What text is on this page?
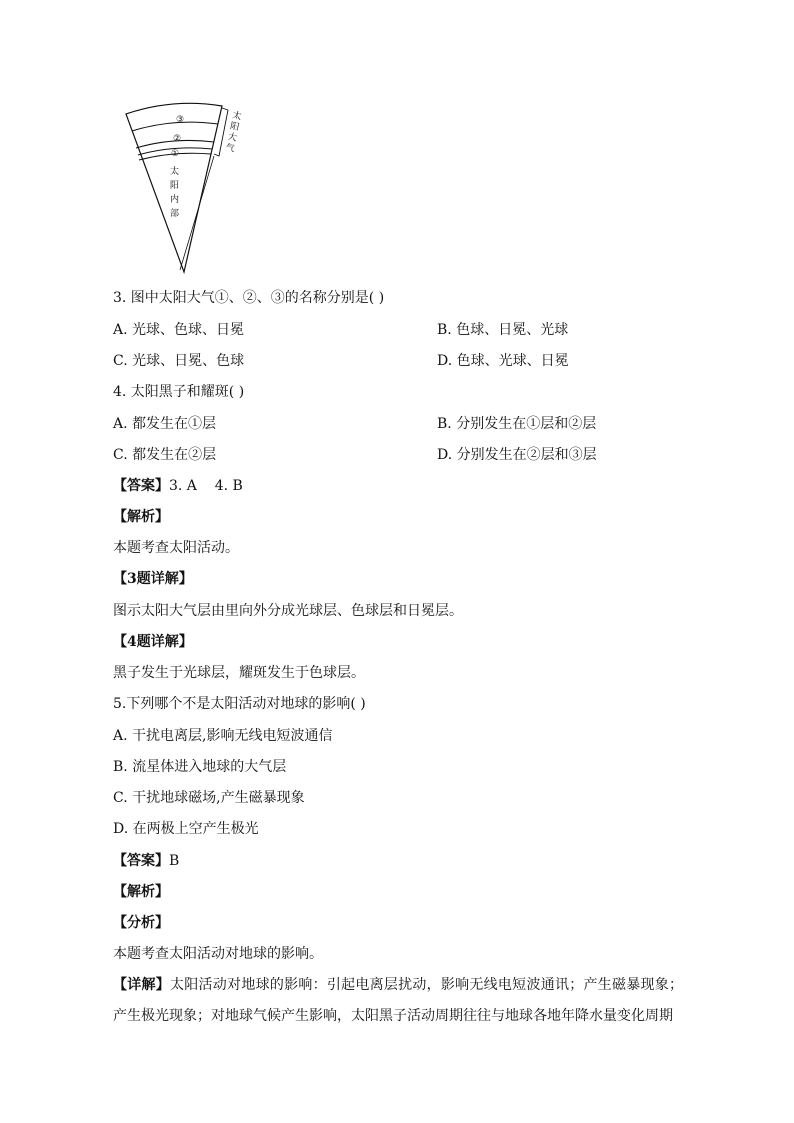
③
②
①
太
阳
内
部
太
阳
大
气
3. 图中太阳大气①、②、③的名称分别是( )
A. 光球、色球、日冕	B. 色球、日冕、光球
C. 光球、日冕、色球	D. 色球、光球、日冕
4. 太阳黑子和耀斑( )
A. 都发生在①层	B. 分别发生在①层和②层
C. 都发生在②层	D. 分别发生在②层和③层
【答案】3. A    4. B
【解析】
本题考查太阳活动。
【3题详解】
图示太阳大气层由里向外分成光球层、色球层和日冕层。
【4题详解】
黑子发生于光球层，耀斑发生于色球层。
5.下列哪个不是太阳活动对地球的影响( )
A. 干扰电离层,影响无线电短波通信
B. 流星体进入地球的大气层
C. 干扰地球磁场,产生磁暴现象
D. 在两极上空产生极光
【答案】B
【解析】
【分析】
本题考查太阳活动对地球的影响。
【详解】太阳活动对地球的影响：引起电离层扰动，影响无线电短波通讯；产生磁暴现象；产生极光现象；对地球气候产生影响，太阳黑子活动周期往往与地球各地年降水量变化周期
